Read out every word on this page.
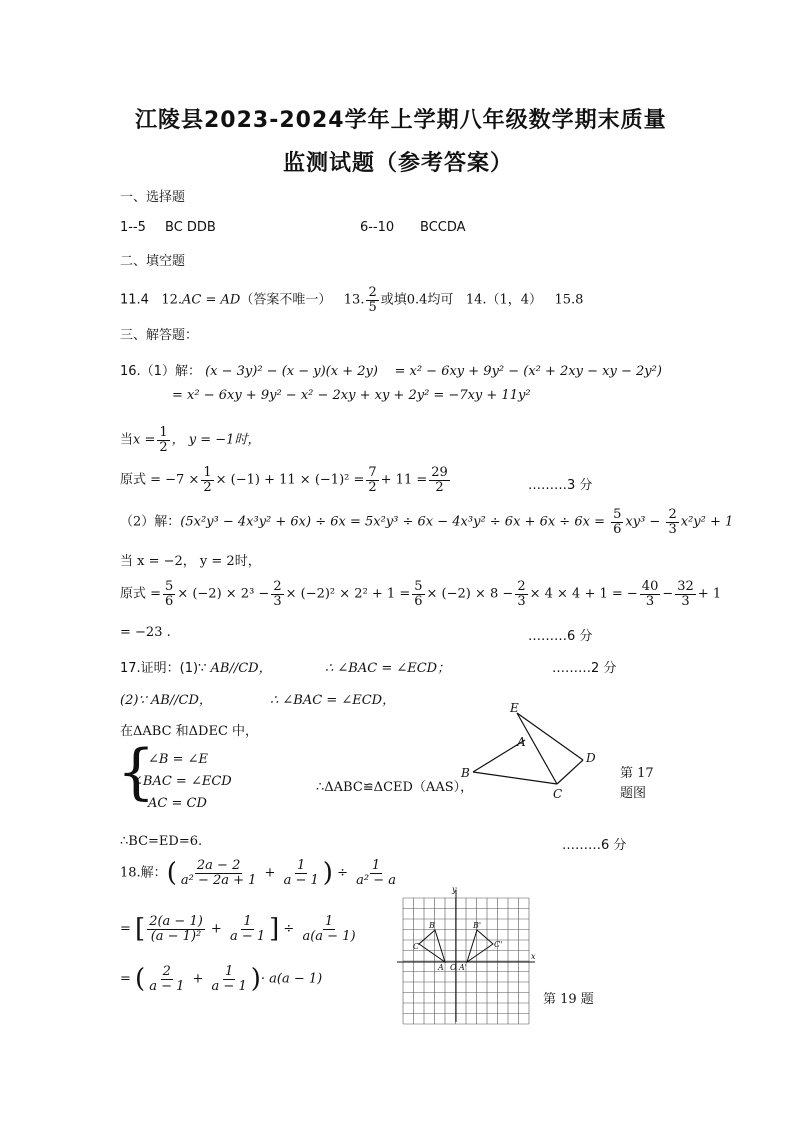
江陵县2023-2024学年上学期八年级数学期末质量
监测试题（参考答案）
一、选择题
1--5 BC DDB	6--10 BCCDA
二、填空题
11.4 12.AC = AD（答案不唯一） 13. $\frac{2}{5}$ 或填0.4均可 14.（1，4） 15.8
三、解答题：
16.（1）解： (x − 3y)² − (x − y)(x + 2y) = x² − 6xy + 9y² − (x² + 2xy − xy − 2y²)
= x² − 6xy + 9y² − x² − 2xy + xy + 2y² = −7xy + 11y²
当$x = \frac{1}{2}$ ， y = −1时，
原式 = $-7 \times \frac{1}{2} \times (-1) + 11 \times (-1)^2 = \frac{7}{2} + 11 = \frac{29}{2}$	………3 分
（2）解：$(5x^2y^3 - 4x^3y^2 + 6x) \div 6x = 5x^2y^3 \div 6x - 4x^3y^2 \div 6x + 6x \div 6x = \frac{5}{6} xy^3 - \frac{2}{3} x^2y^2 + 1$
当 x = −2， y = 2时，
原式 = $\frac{5}{6} \times (-2) \times 2^3 - \frac{2}{3} \times (-2)^2 \times 2^2 + 1 = \frac{5}{6} \times (-2) \times 8 - \frac{2}{3} \times 4 \times 4 + 1$ = − $\frac{40}{3} - \frac{32}{3} + 1$
= −23 .	………6 分
17.证明：(1)∵ AB//CD，	∴ ∠BAC = ∠ECD；	………2 分
(2)∵ AB//CD，	∴ ∠BAC = ∠ECD，
在ΔABC 和ΔDEC 中，
{
∠B = ∠E
∠BAC = ∠ECD
AC = CD
∴ΔABC≌ΔCED（AAS），
∴BC=ED=6.	………6 分
E
A
B
C
D
第 17
题图
18.解：( $\frac{2a - 2}{\text{a² − 2a + 1}} + \frac{1}{a - 1}$ ) ÷ $\frac{1}{\text{a² − a}}$
= [ $\frac{2(a - 1)}{\text{(a − 1)²}} + \frac{1}{a - 1}$ ] ÷ $\frac{1}{a(a - 1)}$
= ( $\frac{2}{a - 1} + \frac{1}{a - 1}$ )· a(a − 1)
y
x
B
C
A O A'
B'
C'
第 19 题
